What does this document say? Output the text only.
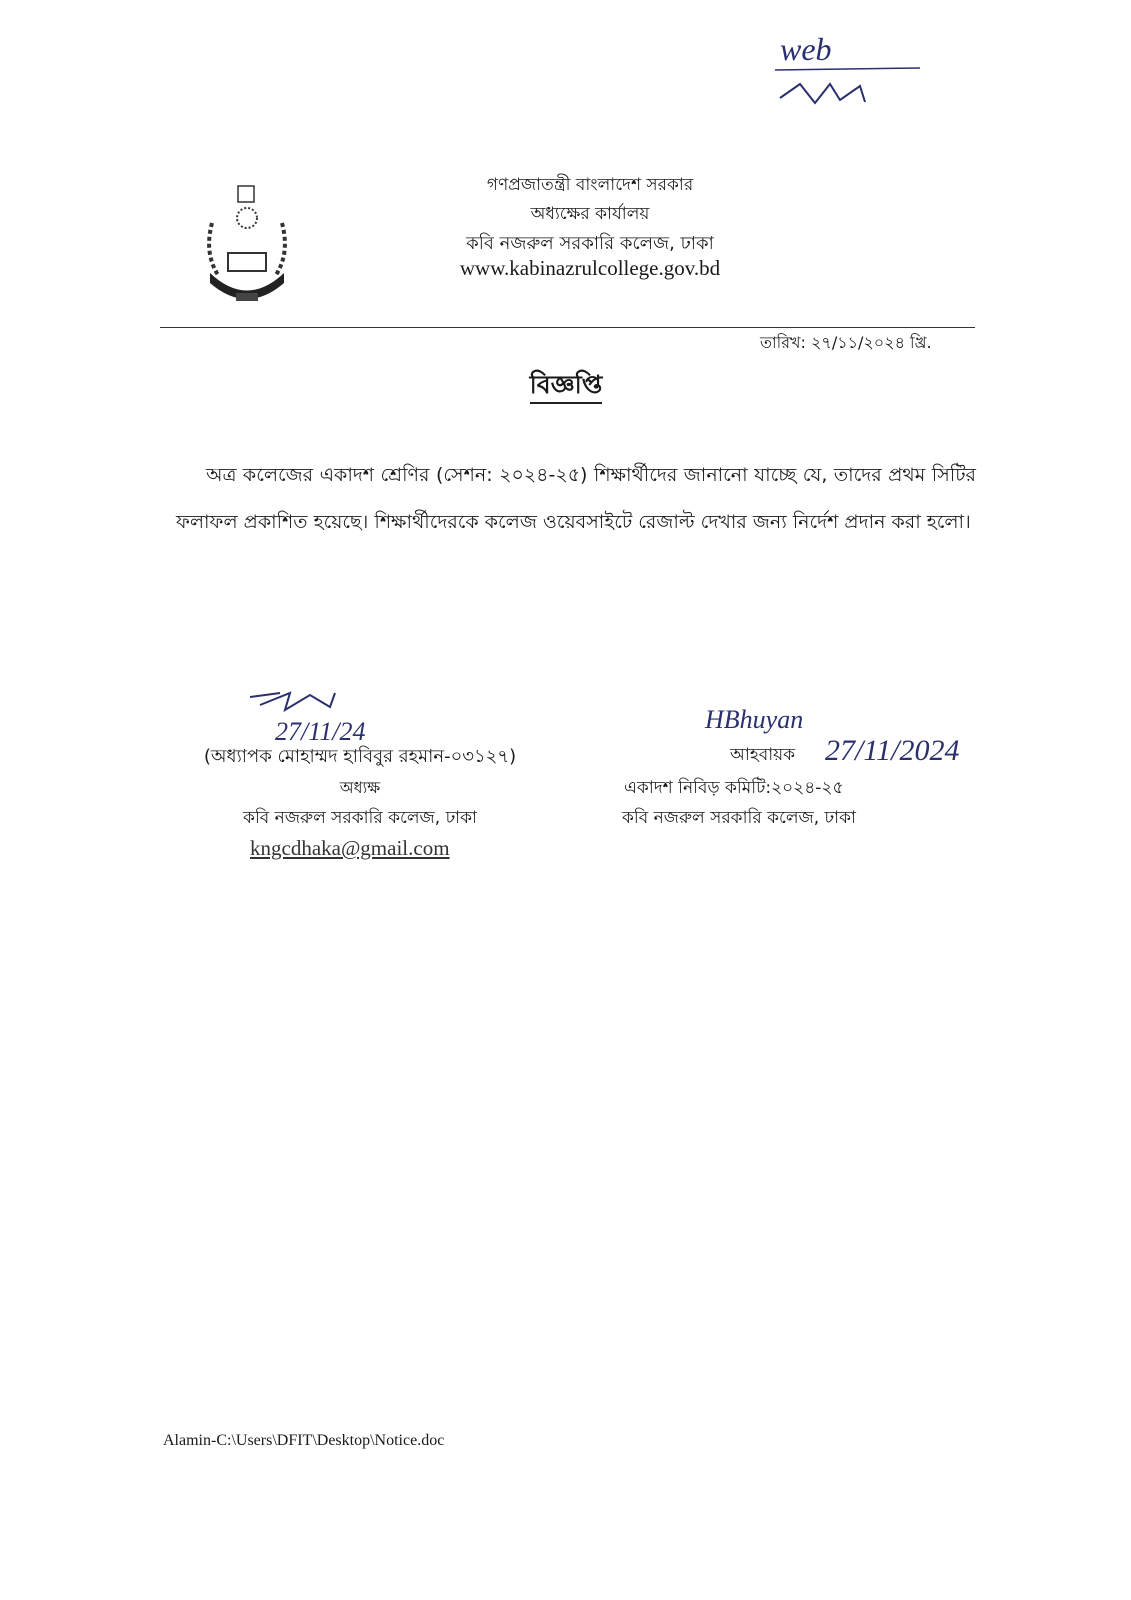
web
গণপ্রজাতন্ত্রী বাংলাদেশ সরকার
অধ্যক্ষের কার্যালয়
কবি নজরুল সরকারি কলেজ, ঢাকা
www.kabinazrulcollege.gov.bd
তারিখ: ২৭/১১/২০২৪ খ্রি.
বিজ্ঞপ্তি
অত্র কলেজের একাদশ শ্রেণির (সেশন: ২০২৪-২৫) শিক্ষার্থীদের জানানো যাচ্ছে যে, তাদের প্রথম সিটির ফলাফল প্রকাশিত হয়েছে। শিক্ষার্থীদেরকে কলেজ ওয়েবসাইটে রেজাল্ট দেখার জন্য নির্দেশ প্রদান করা হলো।
27/11/24
(অধ্যাপক মোহাম্মদ হাবিবুর রহমান-০৩১২৭)
অধ্যক্ষ
কবি নজরুল সরকারি কলেজ, ঢাকা
kngcdhaka@gmail.com
HBhuyan
27/11/2024
আহবায়ক
একাদশ নিবিড় কমিটি:২০২৪-২৫
কবি নজরুল সরকারি কলেজ, ঢাকা
Alamin-C:\Users\DFIT\Desktop\Notice.doc
